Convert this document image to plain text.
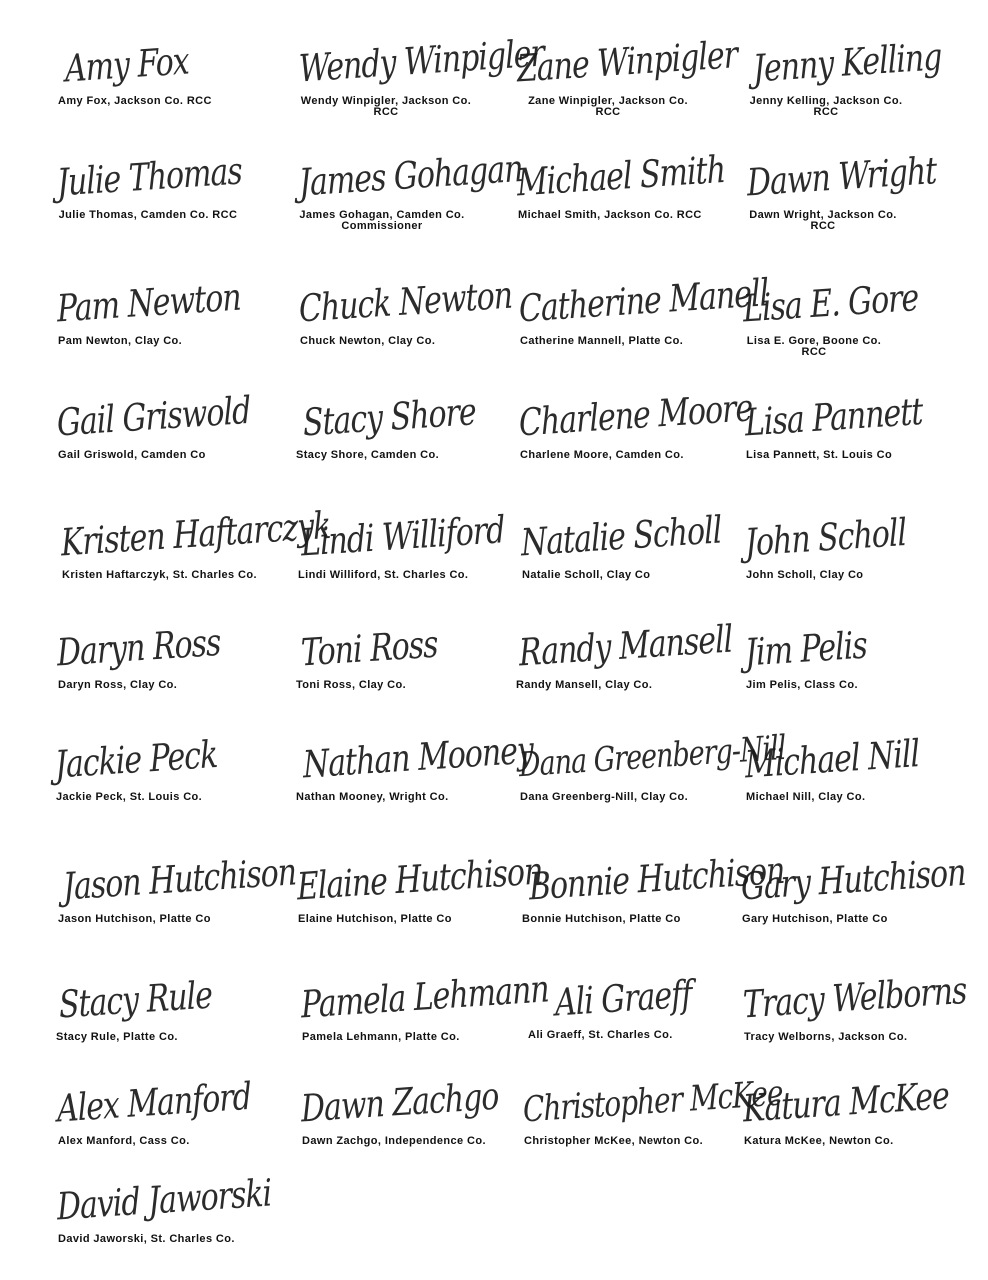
Amy Fox
Amy Fox, Jackson Co. RCC
Wendy Winpigler
Wendy Winpigler, Jackson Co. RCC
Zane Winpigler
Zane Winpigler, Jackson Co. RCC
Jenny Kelling
Jenny Kelling, Jackson Co. RCC
Julie Thomas
Julie Thomas, Camden Co. RCC
James Gohagan
James Gohagan, Camden Co. Commissioner
Michael Smith
Michael Smith, Jackson Co. RCC
Dawn Wright
Dawn Wright, Jackson Co. RCC
Pam Newton
Pam Newton, Clay Co.
Chuck Newton
Chuck Newton, Clay Co.
Catherine Manell
Catherine Mannell, Platte Co.
Lisa E. Gore
Lisa E. Gore, Boone Co. RCC
Gail Griswold
Gail Griswold, Camden Co
Stacy Shore
Stacy Shore, Camden Co.
Charlene Moore
Charlene Moore, Camden Co.
Lisa Pannett
Lisa Pannett, St. Louis Co
Kristen Haftarczyk
Kristen Haftarczyk, St. Charles Co.
Lindi Williford
Lindi Williford, St. Charles Co.
Natalie Scholl
Natalie Scholl, Clay Co
John Scholl
John Scholl, Clay Co
Daryn Ross
Daryn Ross, Clay Co.
Toni Ross
Toni Ross, Clay Co.
Randy Mansell
Randy Mansell, Clay Co.
Jim Pelis
Jim Pelis, Class Co.
Jackie Peck
Jackie Peck, St. Louis Co.
Nathan Mooney
Nathan Mooney, Wright Co.
Dana Greenberg-Nill
Dana Greenberg-Nill, Clay Co.
Michael Nill
Michael Nill, Clay Co.
Jason Hutchison
Jason Hutchison, Platte Co
Elaine Hutchison
Elaine Hutchison, Platte Co
Bonnie Hutchison
Bonnie Hutchison, Platte Co
Gary Hutchison
Gary Hutchison, Platte Co
Stacy Rule
Stacy Rule, Platte Co.
Pamela Lehmann
Pamela Lehmann, Platte Co.
Ali Graeff
Ali Graeff, St. Charles Co.
Tracy Welborns
Tracy Welborns, Jackson Co.
Alex Manford
Alex Manford, Cass Co.
Dawn Zachgo
Dawn Zachgo, Independence Co.
Christopher McKee
Christopher McKee, Newton Co.
Katura McKee
Katura McKee, Newton Co.
David Jaworski
David Jaworski, St. Charles Co.
